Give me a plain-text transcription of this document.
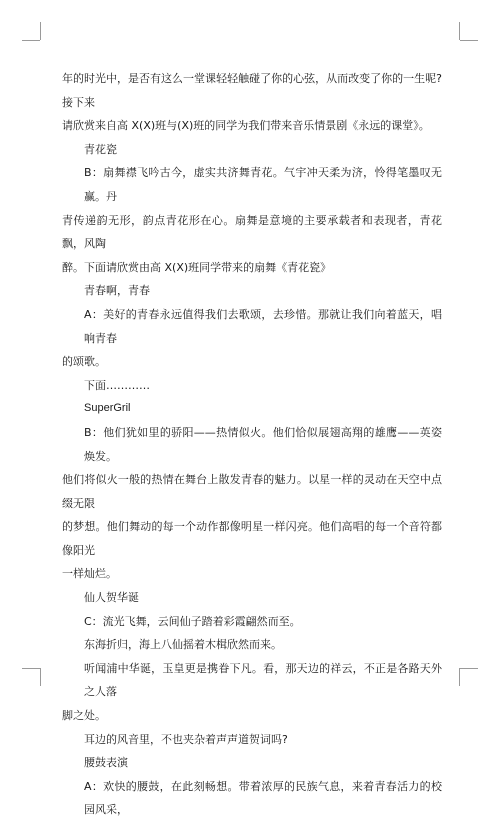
年的时光中，是否有这么一堂课轻轻触碰了你的心弦，从而改变了你的一生呢?接下来

请欣赏来自高 X(X)班与(X)班的同学为我们带来音乐情景剧《永远的课堂》。

青花瓷

B：扇舞襟飞吟古今，虚实共济舞青花。气宇冲天柔为济，怜得笔墨叹无赢。丹

青传递韵无形，韵点青花形在心。扇舞是意境的主要承载者和表现者，青花飘，风陶

醉。下面请欣赏由高 X(X)班同学带来的扇舞《青花瓷》

青春啊，青春

A：美好的青春永远值得我们去歌颂，去珍惜。那就让我们向着蓝天，唱响青春

的颂歌。

下面…………

SuperGril

B：他们犹如里的骄阳——热情似火。他们恰似展翅高翔的雄鹰——英姿焕发。

他们将似火一般的热情在舞台上散发青春的魅力。以星一样的灵动在天空中点缀无限

的梦想。他们舞动的每一个动作都像明星一样闪亮。他们高唱的每一个音符都像阳光

一样灿烂。

仙人贺华诞

C：流光飞舞，云间仙子踏着彩霞翩然而至。

东海折归，海上八仙摇着木楫欣然而来。

听闻浦中华诞，玉皇更是携眷下凡。看，那天边的祥云，不正是各路天外之人落

脚之处。

耳边的风音里，不也夹杂着声声道贺词吗?

腰鼓表演

A：欢快的腰鼓，在此刻畅想。带着浓厚的民族气息，来着青春活力的校园风采，
